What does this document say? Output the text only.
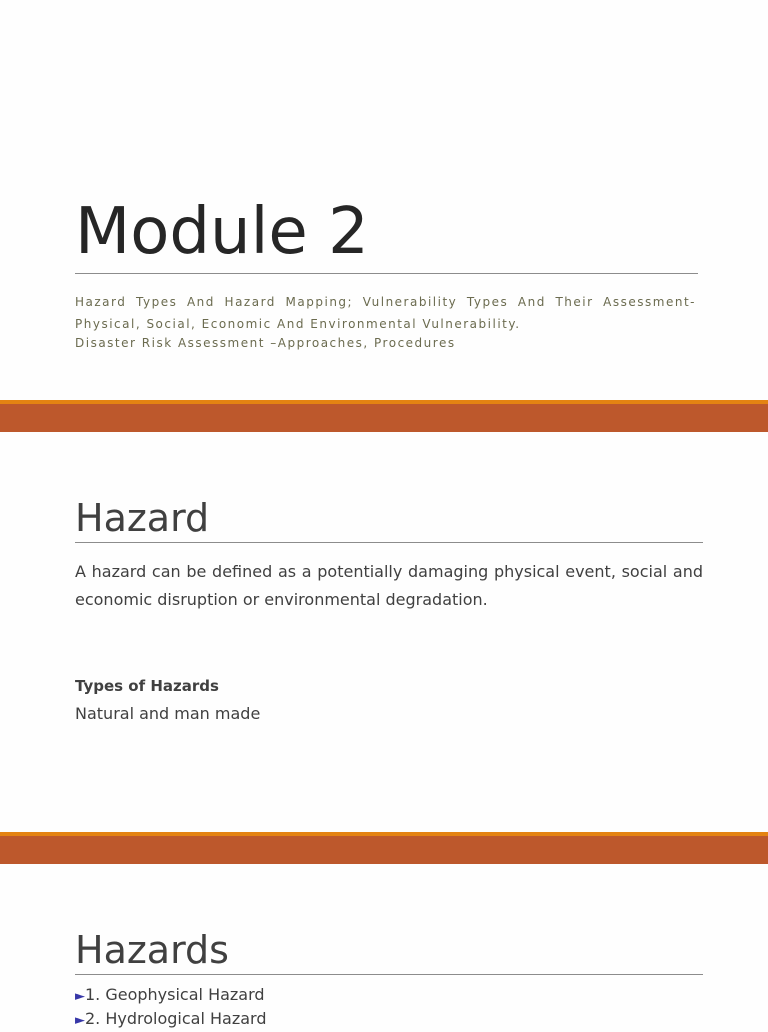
Module 2
Hazard Types And Hazard Mapping; Vulnerability Types And Their Assessment-
Physical, Social, Economic And Environmental Vulnerability.
Disaster Risk Assessment –Approaches, Procedures
Hazard
A hazard can be defined as a potentially damaging physical event, social and economic disruption or environmental degradation.
Types of Hazards
Natural and man made
Hazards
►1. Geophysical Hazard
►2. Hydrological Hazard
